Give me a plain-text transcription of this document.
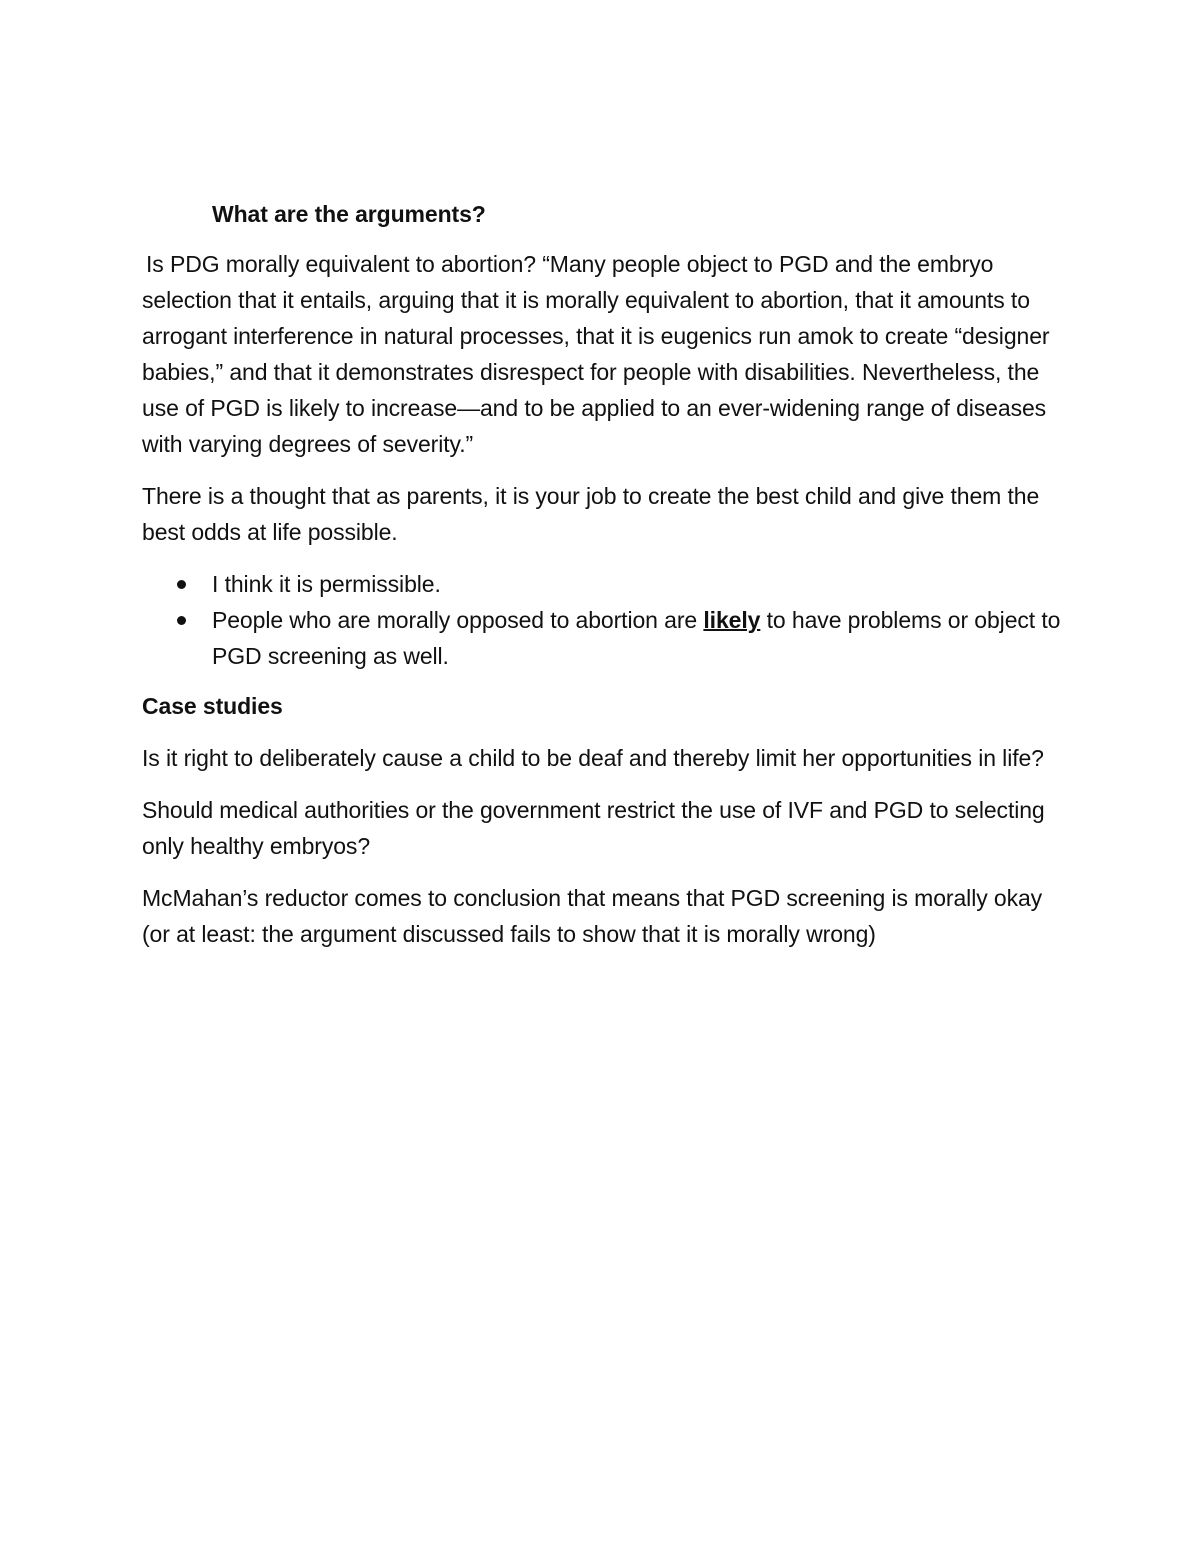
What are the arguments?

Is PDG morally equivalent to abortion? “Many people object to PGD and the embryo selection that it entails, arguing that it is morally equivalent to abortion, that it amounts to arrogant interference in natural processes, that it is eugenics run amok to create “designer babies,” and that it demonstrates disrespect for people with disabilities. Nevertheless, the use of PGD is likely to increase—and to be applied to an ever-widening range of diseases with varying degrees of severity.”

There is a thought that as parents, it is your job to create the best child and give them the best odds at life possible.

I think it is permissible.
People who are morally opposed to abortion are likely to have problems or object to PGD screening as well.

Case studies

Is it right to deliberately cause a child to be deaf and thereby limit her opportunities in life?

Should medical authorities or the government restrict the use of IVF and PGD to selecting only healthy embryos?

McMahan’s reductor comes to conclusion that means that PGD screening is morally okay (or at least: the argument discussed fails to show that it is morally wrong)
